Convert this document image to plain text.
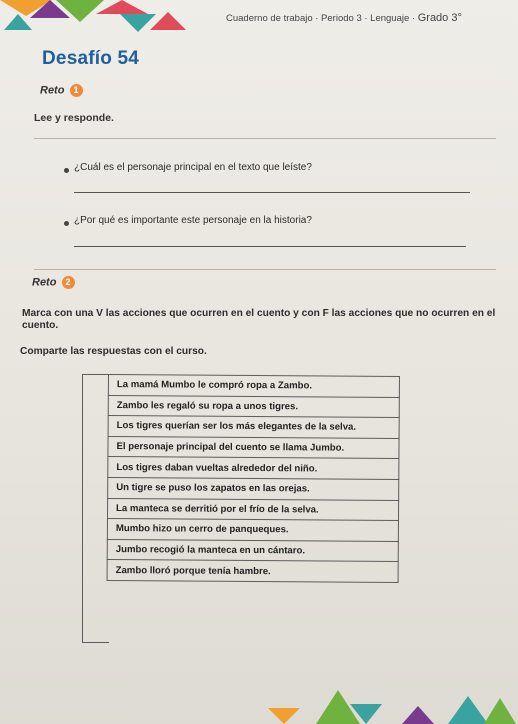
Cuaderno de trabajo · Periodo 3 · Lenguaje · Grado 3°
Desafío 54
Reto 1
Lee y responde.
¿Cuál es el personaje principal en el texto que leíste?
¿Por qué es importante este personaje en la historia?
Reto 2
Marca con una V las acciones que ocurren en el cuento y con F las acciones que no ocurren en el cuento.
Comparte las respuestas con el curso.
La mamá Mumbo le compró ropa a Zambo.
Zambo les regaló su ropa a unos tigres.
Los tigres querían ser los más elegantes de la selva.
El personaje principal del cuento se llama Jumbo.
Los tigres daban vueltas alrededor del niño.
Un tigre se puso los zapatos en las orejas.
La manteca se derritió por el frío de la selva.
Mumbo hizo un cerro de panqueques.
Jumbo recogió la manteca en un cántaro.
Zambo lloró porque tenía hambre.
